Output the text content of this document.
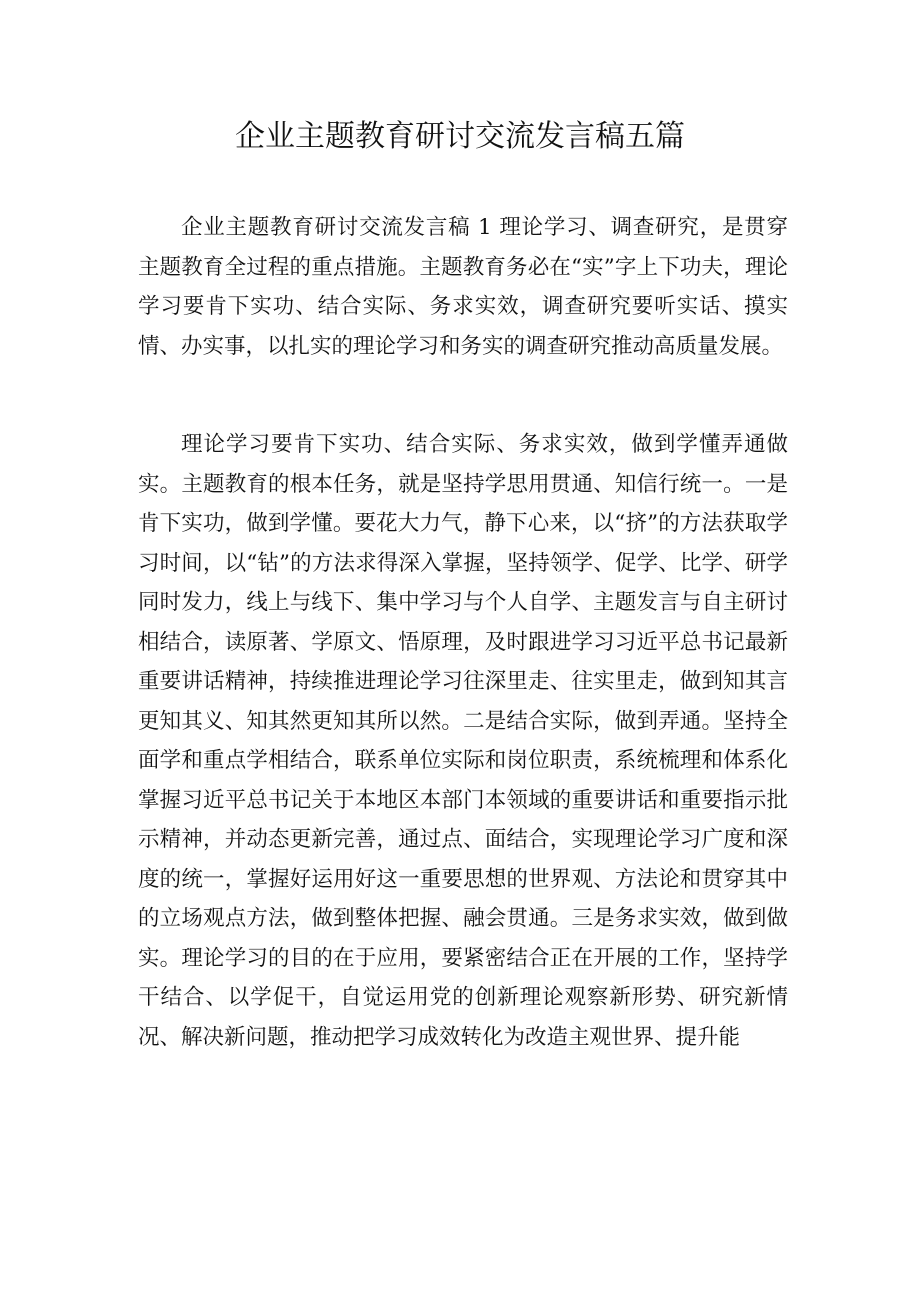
企业主题教育研讨交流发言稿五篇

企业主题教育研讨交流发言稿 1 理论学习、调查研究，是贯穿主题教育全过程的重点措施。主题教育务必在“实”字上下功夫，理论学习要肯下实功、结合实际、务求实效，调查研究要听实话、摸实情、办实事，以扎实的理论学习和务实的调查研究推动高质量发展。

理论学习要肯下实功、结合实际、务求实效，做到学懂弄通做实。主题教育的根本任务，就是坚持学思用贯通、知信行统一。一是肯下实功，做到学懂。要花大力气，静下心来，以“挤”的方法获取学习时间，以“钻”的方法求得深入掌握，坚持领学、促学、比学、研学同时发力，线上与线下、集中学习与个人自学、主题发言与自主研讨相结合，读原著、学原文、悟原理，及时跟进学习习近平总书记最新重要讲话精神，持续推进理论学习往深里走、往实里走，做到知其言更知其义、知其然更知其所以然。二是结合实际，做到弄通。坚持全面学和重点学相结合，联系单位实际和岗位职责，系统梳理和体系化掌握习近平总书记关于本地区本部门本领域的重要讲话和重要指示批示精神，并动态更新完善，通过点、面结合，实现理论学习广度和深度的统一，掌握好运用好这一重要思想的世界观、方法论和贯穿其中的立场观点方法，做到整体把握、融会贯通。三是务求实效，做到做实。理论学习的目的在于应用，要紧密结合正在开展的工作，坚持学干结合、以学促干，自觉运用党的创新理论观察新形势、研究新情况、解决新问题，推动把学习成效转化为改造主观世界、提升能
